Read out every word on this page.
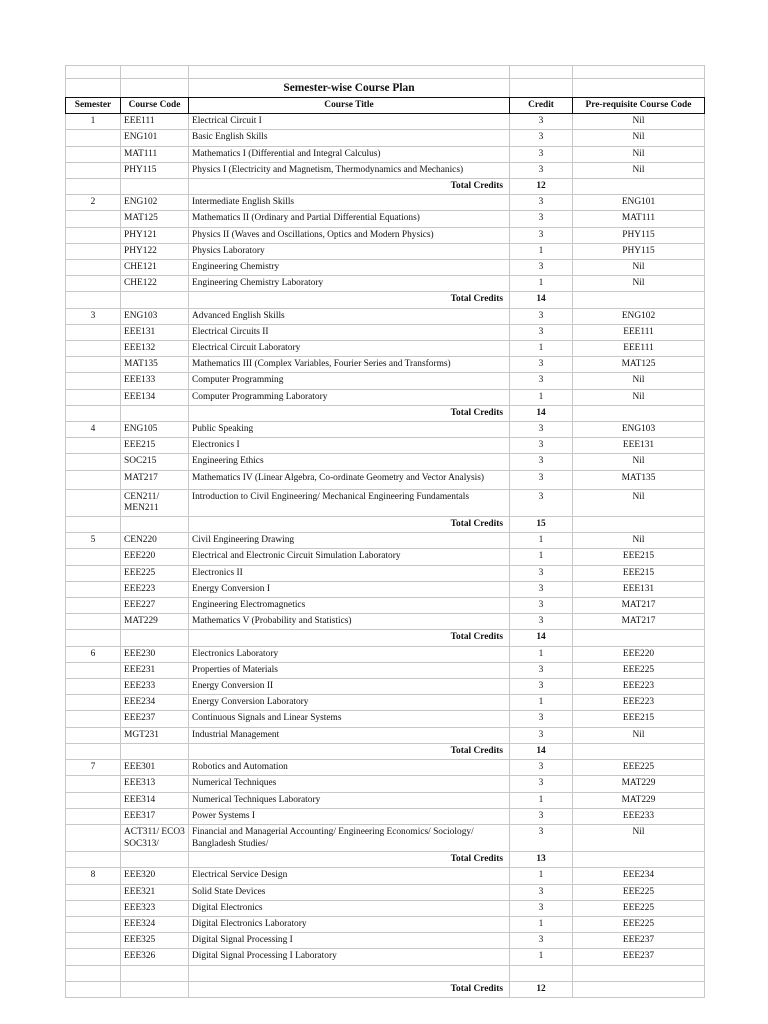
		Semester-wise Course Plan		
Semester	Course Code	Course Title	Credit	Pre-requisite Course Code
1	EEE111	Electrical Circuit I	3	Nil
	ENG101	Basic English Skills	3	Nil
	MAT111	Mathematics I (Differential and Integral Calculus)	3	Nil
	PHY115	Physics I (Electricity and Magnetism, Thermodynamics and Mechanics)	3	Nil
		Total Credits	12	
2	ENG102	Intermediate English Skills	3	ENG101
	MAT125	Mathematics II (Ordinary and Partial Differential Equations)	3	MAT111
	PHY121	Physics II (Waves and Oscillations, Optics and Modern Physics)	3	PHY115
	PHY122	Physics Laboratory	1	PHY115
	CHE121	Engineering Chemistry	3	Nil
	CHE122	Engineering Chemistry Laboratory	1	Nil
		Total Credits	14	
3	ENG103	Advanced English Skills	3	ENG102
	EEE131	Electrical Circuits II	3	EEE111
	EEE132	Electrical Circuit Laboratory	1	EEE111
	MAT135	Mathematics III (Complex Variables, Fourier Series and Transforms)	3	MAT125
	EEE133	Computer Programming	3	Nil
	EEE134	Computer Programming Laboratory	1	Nil
		Total Credits	14	
4	ENG105	Public Speaking	3	ENG103
	EEE215	Electronics I	3	EEE131
	SOC215	Engineering Ethics	3	Nil
	MAT217	Mathematics IV (Linear Algebra, Co-ordinate Geometry and Vector Analysis)	3	MAT135
	CEN211/ MEN211	Introduction to Civil Engineering/ Mechanical Engineering Fundamentals	3	Nil
		Total Credits	15	
5	CEN220	Civil Engineering Drawing	1	Nil
	EEE220	Electrical and Electronic Circuit Simulation Laboratory	1	EEE215
	EEE225	Electronics II	3	EEE215
	EEE223	Energy Conversion I	3	EEE131
	EEE227	Engineering Electromagnetics	3	MAT217
	MAT229	Mathematics V (Probability and Statistics)	3	MAT217
		Total Credits	14	
6	EEE230	Electronics Laboratory	1	EEE220
	EEE231	Properties of Materials	3	EEE225
	EEE233	Energy Conversion II	3	EEE223
	EEE234	Energy Conversion Laboratory	1	EEE223
	EEE237	Continuous Signals and Linear Systems	3	EEE215
	MGT231	Industrial Management	3	Nil
		Total Credits	14	
7	EEE301	Robotics and Automation	3	EEE225
	EEE313	Numerical Techniques	3	MAT229
	EEE314	Numerical Techniques Laboratory	1	MAT229
	EEE317	Power Systems I	3	EEE233
	ACT311/ ECO3 SOC313/	Financial and Managerial Accounting/ Engineering Economics/ Sociology/ Bangladesh Studies/	3	Nil
		Total Credits	13	
8	EEE320	Electrical Service Design	1	EEE234
	EEE321	Solid State Devices	3	EEE225
	EEE323	Digital Electronics	3	EEE225
	EEE324	Digital Electronics Laboratory	1	EEE225
	EEE325	Digital Signal Processing I	3	EEE237
	EEE326	Digital Signal Processing I Laboratory	1	EEE237

		Total Credits	12	
